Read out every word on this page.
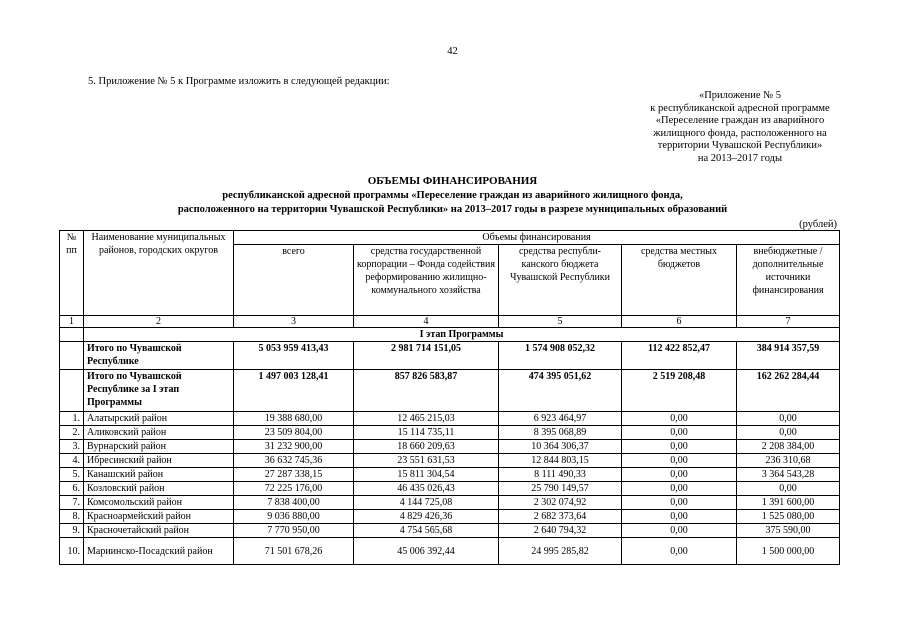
42
5. Приложение № 5 к Программе изложить в следующей редакции:
«Приложение № 5
к республиканской адресной программе
«Переселение граждан из аварийного
жилищного фонда, расположенного на
территории Чувашской Республики»
на 2013–2017 годы
ОБЪЕМЫ ФИНАНСИРОВАНИЯ
республиканской адресной программы «Переселение граждан из аварийного жилищного фонда,
расположенного на территории Чувашской Республики» на 2013–2017 годы в разрезе муниципальных образований
(рублей)
№ пп	Наименование муниципальных районов, городских округов	Объемы финансирования				
		всего	средства государственной корпорации – Фонда содействия реформированию жилищно-коммунального хозяйства	средства республи-канского бюджета Чувашской Республики	средства местных бюджетов	внебюджетные / дополнительные источники финансирования
1	2	3	4	5	6	7
	I этап Программы					
	Итого по Чувашской Республике	5 053 959 413,43	2 981 714 151,05	1 574 908 052,32	112 422 852,47	384 914 357,59
	Итого по Чувашской Республике за I этап Программы	1 497 003 128,41	857 826 583,87	474 395 051,62	2 519 208,48	162 262 284,44
1.	Алатырский район	19 388 680,00	12 465 215,03	6 923 464,97	0,00	0,00
2.	Аликовский район	23 509 804,00	15 114 735,11	8 395 068,89	0,00	0,00
3.	Вурнарский район	31 232 900,00	18 660 209,63	10 364 306,37	0,00	2 208 384,00
4.	Ибресинский район	36 632 745,36	23 551 631,53	12 844 803,15	0,00	236 310,68
5.	Канашский район	27 287 338,15	15 811 304,54	8 111 490,33	0,00	3 364 543,28
6.	Козловский район	72 225 176,00	46 435 026,43	25 790 149,57	0,00	0,00
7.	Комсомольский район	7 838 400,00	4 144 725,08	2 302 074,92	0,00	1 391 600,00
8.	Красноармейский район	9 036 880,00	4 829 426,36	2 682 373,64	0,00	1 525 080,00
9.	Красночетайский район	7 770 950,00	4 754 565,68	2 640 794,32	0,00	375 590,00
10.	Мариинско-Посадский район	71 501 678,26	45 006 392,44	24 995 285,82	0,00	1 500 000,00
